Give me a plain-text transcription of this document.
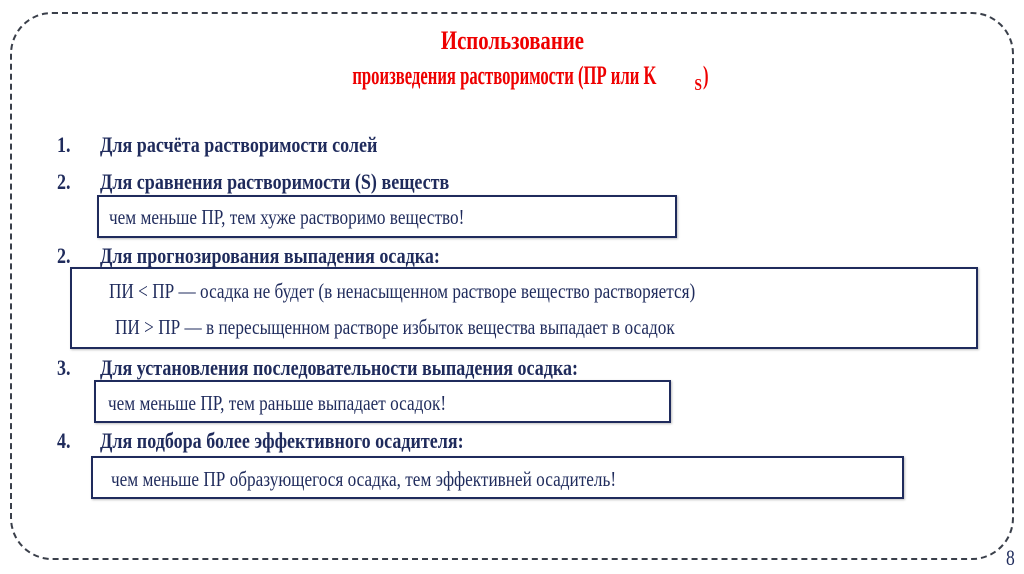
Использование
произведения растворимости (ПР или K $_S$)
1. Для расчёта растворимости солей
2. Для сравнения растворимости (S) веществ
чем меньше ПР, тем хуже растворимо вещество!
2. Для прогнозирования выпадения осадка:
ПИ < ПР — осадка не будет (в ненасыщенном растворе вещество растворяется)
ПИ > ПР — в пересыщенном растворе избыток вещества выпадает в осадок
3. Для установления последовательности выпадения осадка:
чем меньше ПР, тем раньше выпадает осадок!
4. Для подбора более эффективного осадителя:
чем меньше ПР образующегося осадка, тем эффективней осадитель!
8
